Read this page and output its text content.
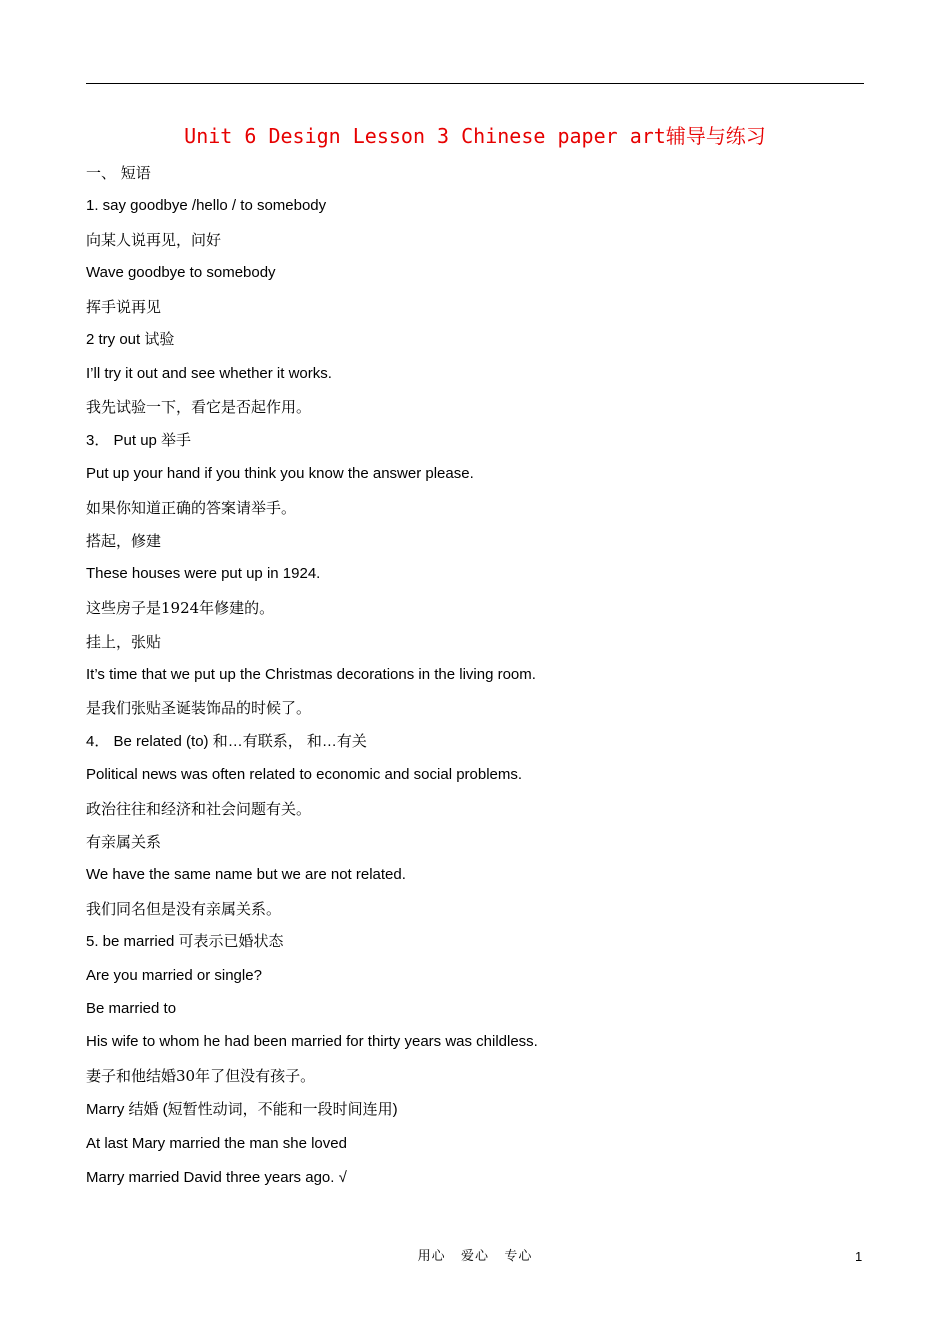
Unit 6 Design Lesson 3 Chinese paper art辅导与练习
一、 短语
1. say goodbye /hello / to somebody
向某人说再见，问好
Wave goodbye to somebody
挥手说再见
2 try out 试验
I’ll try it out and see whether it works.
我先试验一下，看它是否起作用。
3． Put up 举手
Put up your hand if you think you know the answer please.
如果你知道正确的答案请举手。
搭起，修建
These houses were put up in 1924.
这些房子是1924年修建的。
挂上，张贴
It’s time that we put up the Christmas decorations in the living room.
是我们张贴圣诞装饰品的时候了。
4． Be related (to) 和…有联系， 和…有关
Political news was often related to economic and social problems.
政治往往和经济和社会问题有关。
有亲属关系
We have the same name but we are not related.
我们同名但是没有亲属关系。
5. be married 可表示已婚状态
Are you married or single?
Be married to
His wife to whom he had been married for thirty years was childless.
妻子和他结婚30年了但没有孩子。
Marry 结婚 (短暂性动词，不能和一段时间连用)
At last Mary married the man she loved
Marry married David three years ago. √
用心   爱心   专心	1
